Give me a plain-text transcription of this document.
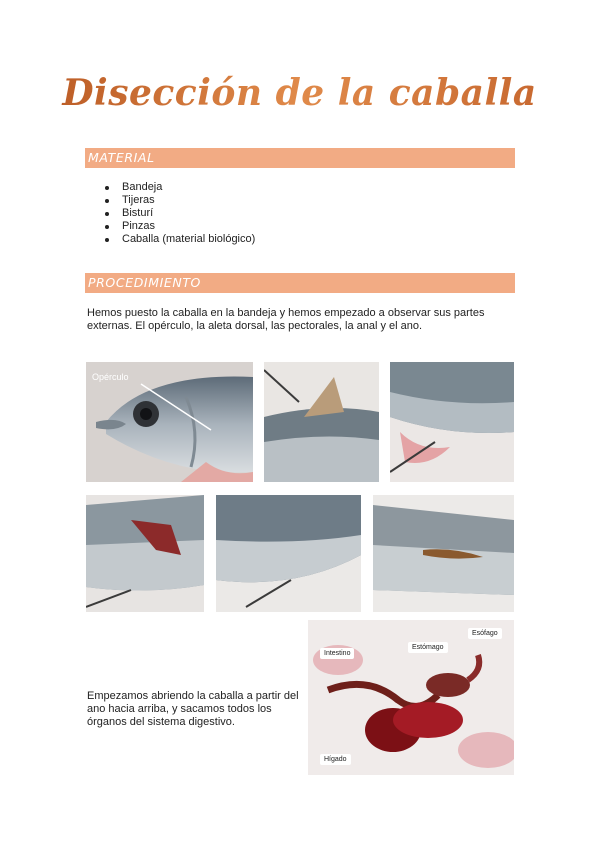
Disección de la caballa
MATERIAL
Bandeja
Tijeras
Bisturí
Pinzas
Caballa (material biológico)
PROCEDIMIENTO
Hemos puesto la caballa en la bandeja y hemos empezado a observar sus partes externas. El opérculo, la aleta dorsal, las pectorales, la anal y el ano.
Opérculo
Empezamos abriendo la caballa a partir del ano hacia arriba, y sacamos todos los órganos del sistema digestivo.
Intestino
Estómago
Esófago
Hígado
